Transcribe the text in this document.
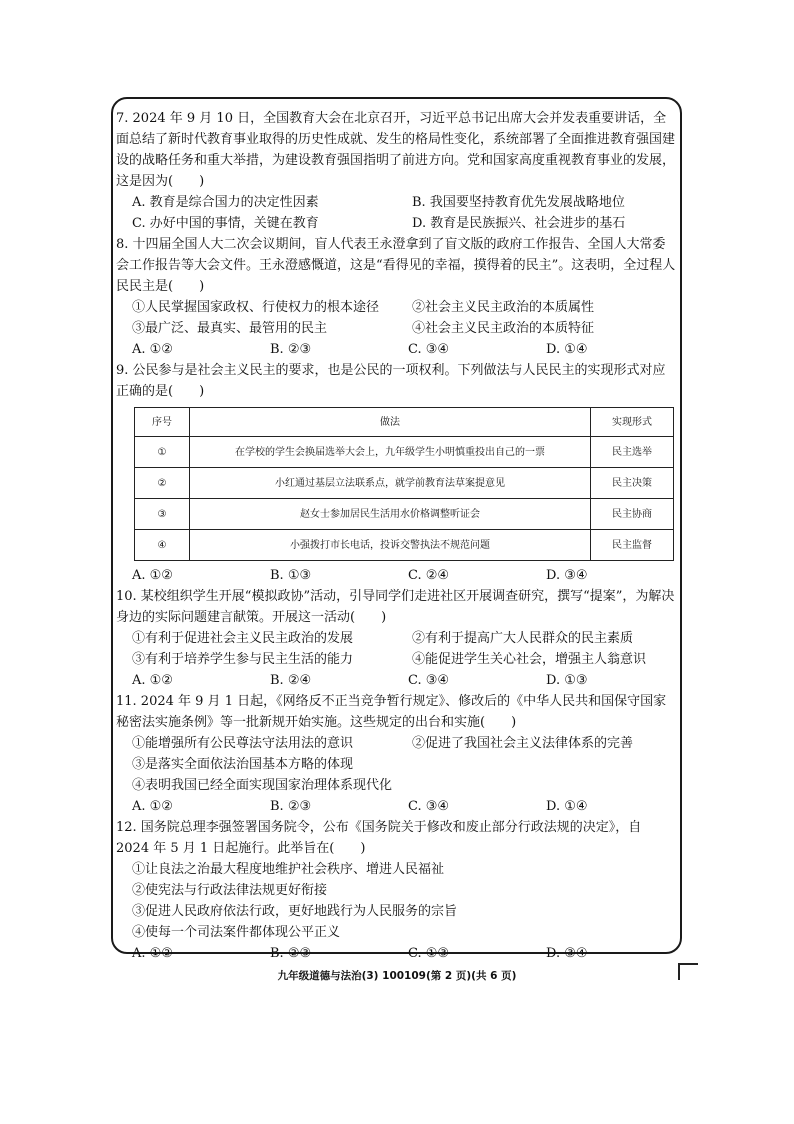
7. 2024 年 9 月 10 日，全国教育大会在北京召开，习近平总书记出席大会并发表重要讲话，全面总结了新时代教育事业取得的历史性成就、发生的格局性变化，系统部署了全面推进教育强国建设的战略任务和重大举措，为建设教育强国指明了前进方向。党和国家高度重视教育事业的发展，这是因为(　　)

A. 教育是综合国力的决定性因素	B. 我国要坚持教育优先发展战略地位
C. 办好中国的事情，关键在教育	D. 教育是民族振兴、社会进步的基石

8. 十四届全国人大二次会议期间，盲人代表王永澄拿到了盲文版的政府工作报告、全国人大常委会工作报告等大会文件。王永澄感慨道，这是“看得见的幸福，摸得着的民主”。这表明，全过程人民民主是(　　)

①人民掌握国家政权、行使权力的根本途径	②社会主义民主政治的本质属性
③最广泛、最真实、最管用的民主	④社会主义民主政治的本质特征
A. ①②	B. ②③	C. ③④	D. ①④

9. 公民参与是社会主义民主的要求，也是公民的一项权利。下列做法与人民民主的实现形式对应正确的是(　　)

序号	做法	实现形式
①	在学校的学生会换届选举大会上，九年级学生小明慎重投出自己的一票	民主选举
②	小红通过基层立法联系点，就学前教育法草案提意见	民主决策
③	赵女士参加居民生活用水价格调整听证会	民主协商
④	小强拨打市长电话，投诉交警执法不规范问题	民主监督
A. ①②	B. ①③	C. ②④	D. ③④

10. 某校组织学生开展“模拟政协”活动，引导同学们走进社区开展调查研究，撰写“提案”，为解决身边的实际问题建言献策。开展这一活动(　　)

①有利于促进社会主义民主政治的发展	②有利于提高广大人民群众的民主素质
③有利于培养学生参与民主生活的能力	④能促进学生关心社会，增强主人翁意识
A. ①②	B. ②④	C. ③④	D. ①③

11. 2024 年 9 月 1 日起，《网络反不正当竞争暂行规定》、修改后的《中华人民共和国保守国家秘密法实施条例》等一批新规开始实施。这些规定的出台和实施(　　)

①能增强所有公民尊法守法用法的意识	②促进了我国社会主义法律体系的完善
③是落实全面依法治国基本方略的体现
④表明我国已经全面实现国家治理体系现代化
A. ①②	B. ②③	C. ③④	D. ①④

12. 国务院总理李强签署国务院令，公布《国务院关于修改和废止部分行政法规的决定》，自 2024 年 5 月 1 日起施行。此举旨在(　　)

①让良法之治最大程度地维护社会秩序、增进人民福祉
②使宪法与行政法律法规更好衔接
③促进人民政府依法行政，更好地践行为人民服务的宗旨
④使每一个司法案件都体现公平正义
A. ①②	B. ②③	C. ①③	D. ③④
九年级道德与法治(3) 100109(第 2 页)(共 6 页)
